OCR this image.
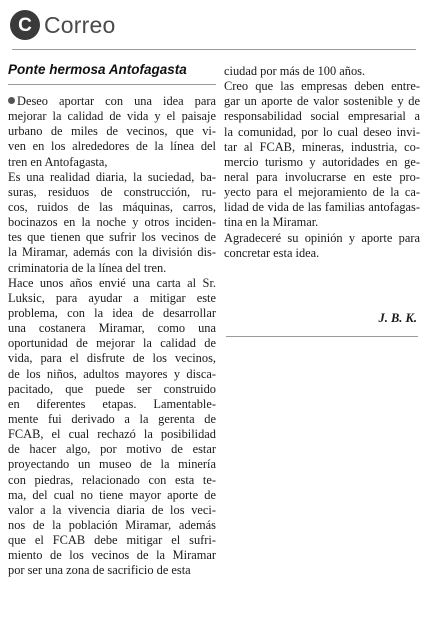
C Correo
Ponte hermosa Antofagasta
Deseo aportar con una idea para
mejorar la calidad de vida y el paisaje
urbano de miles de vecinos, que vi-
ven en los alrededores de la línea del
tren en Antofagasta,
Es una realidad diaria, la suciedad, ba-
suras, residuos de construcción, ru-
cos, ruidos de las máquinas, carros,
bocinazos en la noche y otros inciden-
tes que tienen que sufrir los vecinos de
la Miramar, además con la división dis-
criminatoria de la línea del tren.
Hace unos años envié una carta al Sr.
Luksic, para ayudar a mitigar este
problema, con la idea de desarrollar
una costanera Miramar, como una
oportunidad de mejorar la calidad de
vida, para el disfrute de los vecinos,
de los niños, adultos mayores y disca-
pacitado, que puede ser construido
en diferentes etapas. Lamentable-
mente fui derivado a la gerenta de
FCAB, el cual rechazó la posibilidad
de hacer algo, por motivo de estar
proyectando un museo de la minería
con piedras, relacionado con esta te-
ma, del cual no tiene mayor aporte de
valor a la vivencia diaria de los veci-
nos de la población Miramar, además
que el FCAB debe mitigar el sufri-
miento de los vecinos de la Miramar
por ser una zona de sacrificio de esta
ciudad por más de 100 años.
Creo que las empresas deben entre-
gar un aporte de valor sostenible y de
responsabilidad social empresarial a
la comunidad, por lo cual deseo invi-
tar al FCAB, mineras, industria, co-
mercio turismo y autoridades en ge-
neral para involucrarse en este pro-
yecto para el mejoramiento de la ca-
lidad de vida de las familias antofagas-
tina en la Miramar.
Agradeceré su opinión y aporte para
concretar esta idea.
J. B. K.
